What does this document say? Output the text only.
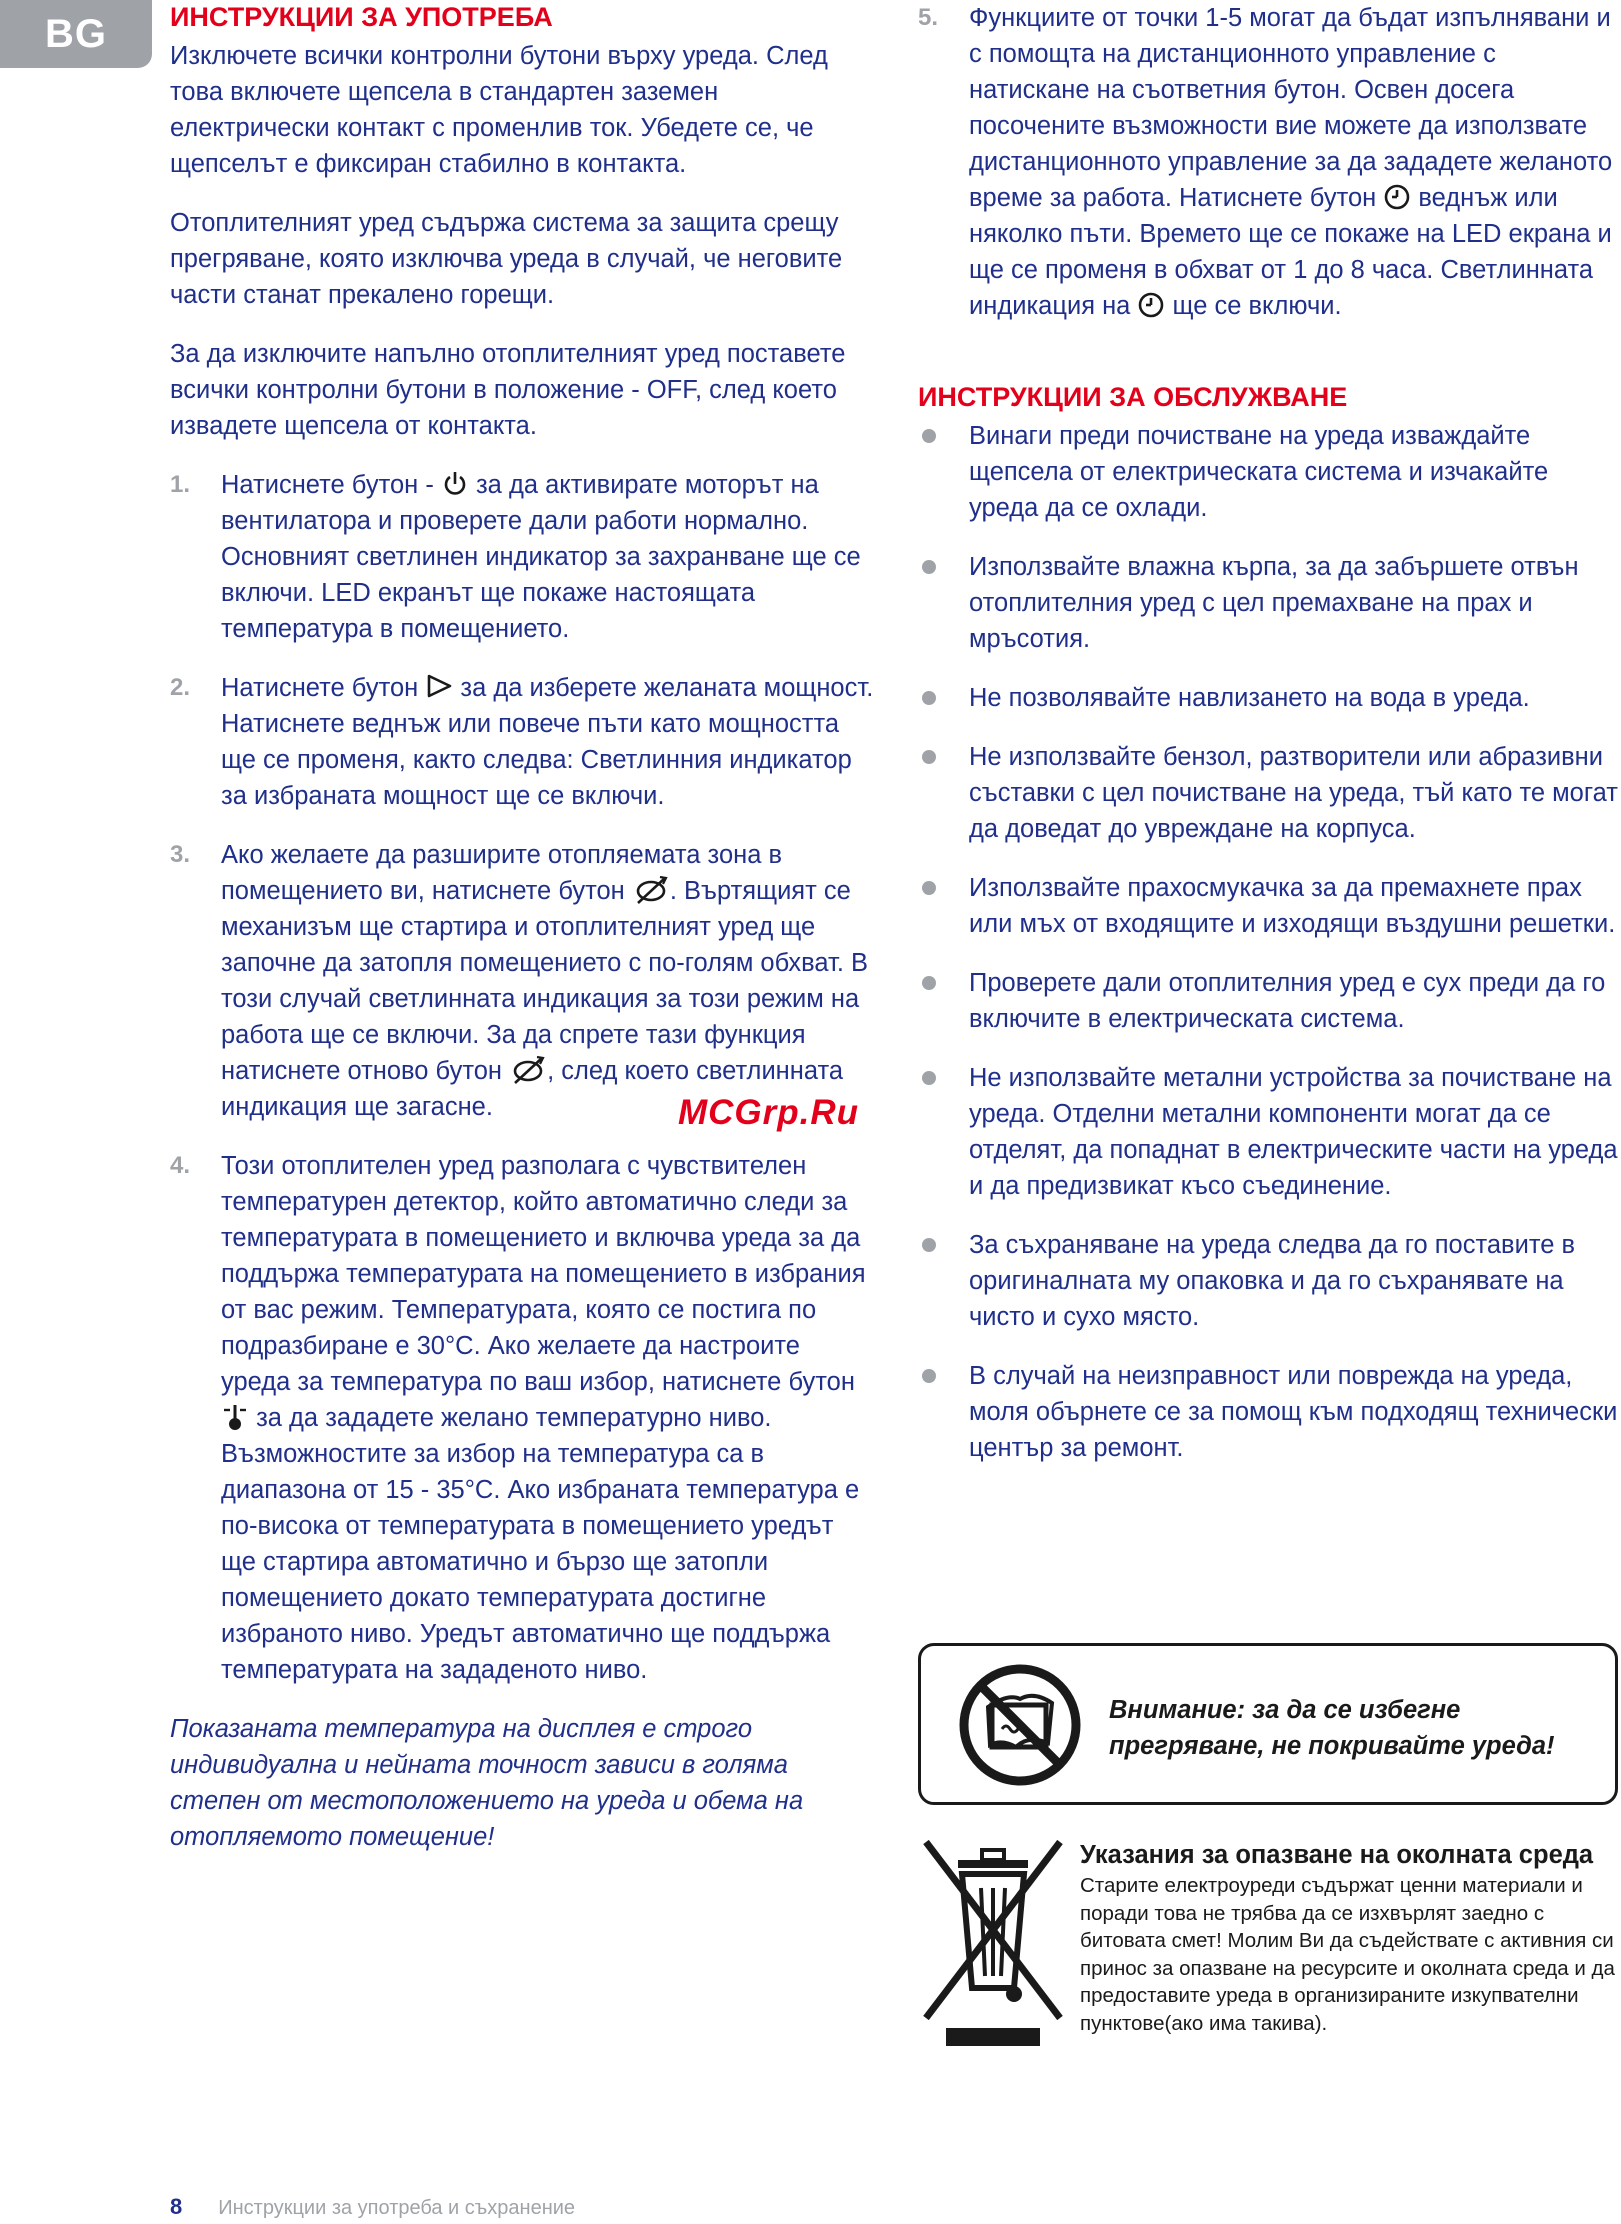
BG	ИНСТРУКЦИИ ЗА УПОТРЕБА

Изключете всички контролни бутони върху уреда. След това включете щепсела в стандартен заземен електрически контакт с променлив ток. Убедете се, че щепселът е фиксиран стабилно в контакта.

Отоплителният уред съдържа система за защита срещу прегряване, която изключва уреда в случай, че неговите части станат прекалено горещи.

За да изключите напълно отоплителният уред поставете всички контролни бутони в положение - OFF, след което извадете щепсела от контакта.

1. Натиснете бутон -  за да активирате моторът на вентилатора и проверете дали работи нормално. Основният светлинен индикатор за захранване ще се включи. LED екранът ще покаже настоящата температура в помещението.
2. Натиснете бутон  за да изберете желаната мощност. Натиснете веднъж или повече пъти като мощността ще се променя, както следва: Светлинния индикатор за избраната мощност ще се включи.
3. Ако желаете да разширите отопляемата зона в помещението ви, натиснете бутон . Въртящият се механизъм ще стартира и отоплителният уред ще започне да затопля помещението с по-голям обхват. В този случай светлинната индикация за този режим на работа ще се включи. За да спрете тази функция натиснете отново бутон , след което светлинната индикация ще загасне.
4. Този отоплителен уред разполага с чувствителен температурен детектор, който автоматично следи за температурата в помещението и включва уреда за да поддържа температурата на помещението в избрания от вас режим. Температурата, която се постига по подразбиране е 30°C. Ако желаете да настроите уреда за температура по ваш избор, натиснете бутон  за да зададете желано температурно ниво. Възможностите за избор на температура са в диапазона от 15 - 35°C. Ако избраната температура е по-висока от температурата в помещението уредът ще стартира автоматично и бързо ще затопли помещението докато температурата достигне избраното ниво. Уредът автоматично ще поддържа температурата на зададеното ниво.

Показаната температура на дисплея е строго индивидуална и нейната точност зависи в голяма степен от местоположението на уреда и обема на отопляемото помещение!

5. Функциите от точки 1-5 могат да бъдат изпълнявани и с помощта на дистанционното управление с натискане на съответния бутон. Освен досега посочените възможности вие можете да използвате дистанционното управление за да зададете желаното време за работа. Натиснете бутон  веднъж или няколко пъти. Времето ще се покаже на LED екрана и ще се променя в обхват от 1 до 8 часа. Светлинната индикация на  ще се включи.
ИНСТРУКЦИИ ЗА ОБСЛУЖВАНЕ
Винаги преди почистване на уреда изваждайте щепсела от електрическата система и изчакайте уреда да се охлади.
Използвайте влажна кърпа, за да забършете отвън отоплителния уред с цел премахване на прах и мръсотия.
Не позволявайте навлизането на вода в уреда.
Не използвайте бензол, разтворители или абразивни съставки с цел почистване на уреда, тъй като те могат да доведат до увреждане на корпуса.
Използвайте прахосмукачка за да премахнете прах или мъх от входящите и изходящи въздушни решетки.
Проверете дали отоплителния уред е сух преди да го включите в електрическата система.
Не използвайте метални устройства за почистване на уреда. Отделни метални компоненти могат да се отделят, да попаднат в електрическите части на уреда и да предизвикат късо съединение.
За съхраняване на уреда следва да го поставите в оригиналната му опаковка и да го съхранявате на чисто и сухо място.
В случай на неизправност или повреждa на уреда, моля обърнете се за помощ към подходящ технически център за ремонт.
Внимание: за да се избегне
прегряване, не покривайте уреда!
Указания за опазване на околната среда
Старите електроуреди съдържат ценни материали и поради това не трябва да се изхвърлят заедно с битовата смет! Молим Ви да съдействате с активния си принос за опазване на ресурсите и околната среда и да предоставите уреда в организираните изкупвателни пунктове(ако има такива).
MCGrp.Ru
8 Инструкции за употреба и съхранение
